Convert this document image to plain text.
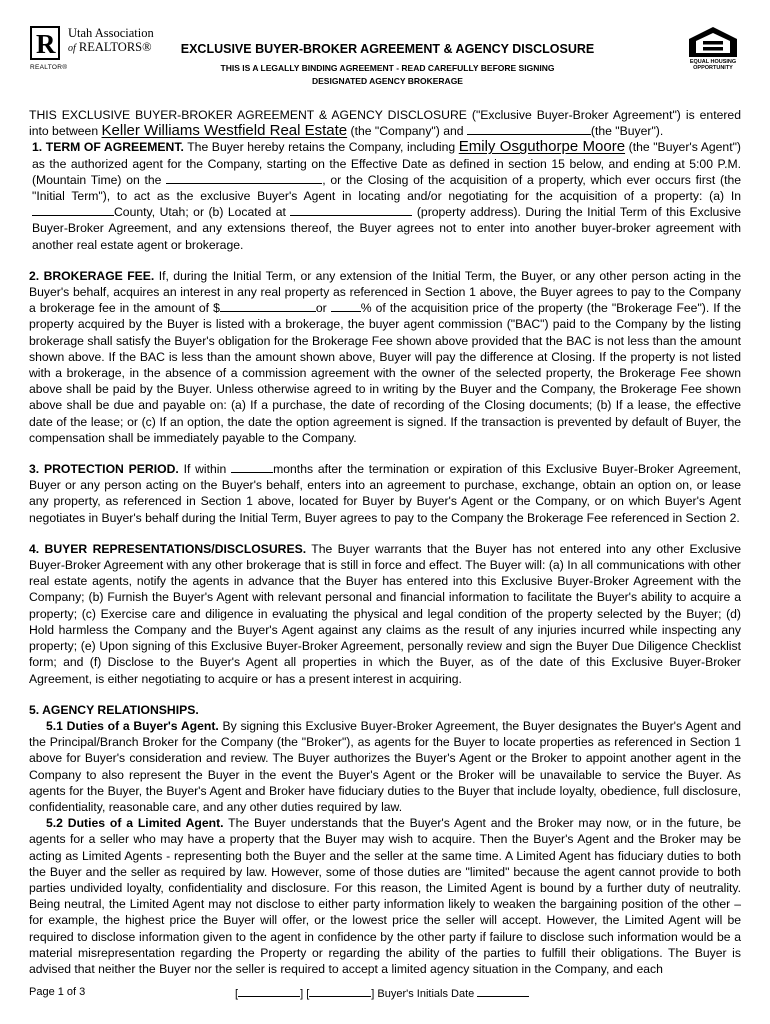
R Utah Association
of REALTORS®
REALTOR®
EQUAL HOUSING
OPPORTUNITY
EXCLUSIVE BUYER-BROKER AGREEMENT & AGENCY DISCLOSURE
THIS IS A LEGALLY BINDING AGREEMENT - READ CAREFULLY BEFORE SIGNING
DESIGNATED AGENCY BROKERAGE

THIS EXCLUSIVE BUYER-BROKER AGREEMENT & AGENCY DISCLOSURE ("Exclusive Buyer-Broker Agreement") is entered into between Keller Williams Westfield Real Estate (the "Company") and	(the "Buyer").

1. TERM OF AGREEMENT. The Buyer hereby retains the Company, including Emily Osguthorpe Moore (the "Buyer's Agent") as the authorized agent for the Company, starting on the Effective Date as defined in section 15 below, and ending at 5:00 P.M. (Mountain Time) on the	, or the Closing of the acquisition of a property, which ever occurs first (the "Initial Term"), to act as the exclusive Buyer's Agent in locating and/or negotiating for the acquisition of a property: (a) In County, Utah; or (b) Located at	(property address). During the Initial Term of this Exclusive Buyer-Broker Agreement, and any extensions thereof, the Buyer agrees not to enter into another buyer-broker agreement with another real estate agent or brokerage.

2. BROKERAGE FEE. If, during the Initial Term, or any extension of the Initial Term, the Buyer, or any other person acting in the Buyer's behalf, acquires an interest in any real property as referenced in Section 1 above, the Buyer agrees to pay to the Company a brokerage fee in the amount of $	or	% of the acquisition price of the property (the "Brokerage Fee"). If the property acquired by the Buyer is listed with a brokerage, the buyer agent commission ("BAC") paid to the Company by the listing brokerage shall satisfy the Buyer's obligation for the Brokerage Fee shown above provided that the BAC is not less than the amount shown above. If the BAC is less than the amount shown above, Buyer will pay the difference at Closing. If the property is not listed with a brokerage, in the absence of a commission agreement with the owner of the selected property, the Brokerage Fee shown above shall be paid by the Buyer. Unless otherwise agreed to in writing by the Buyer and the Company, the Brokerage Fee shown above shall be due and payable on: (a) If a purchase, the date of recording of the Closing documents; (b) If a lease, the effective date of the lease; or (c) If an option, the date the option agreement is signed. If the transaction is prevented by default of Buyer, the compensation shall be immediately payable to the Company.

3. PROTECTION PERIOD. If within	months after the termination or expiration of this Exclusive Buyer-Broker Agreement, Buyer or any person acting on the Buyer's behalf, enters into an agreement to purchase, exchange, obtain an option on, or lease any property, as referenced in Section 1 above, located for Buyer by Buyer's Agent or the Company, or on which Buyer's Agent negotiates in Buyer's behalf during the Initial Term, Buyer agrees to pay to the Company the Brokerage Fee referenced in Section 2.

4. BUYER REPRESENTATIONS/DISCLOSURES. The Buyer warrants that the Buyer has not entered into any other Exclusive Buyer-Broker Agreement with any other brokerage that is still in force and effect. The Buyer will: (a) In all communications with other real estate agents, notify the agents in advance that the Buyer has entered into this Exclusive Buyer-Broker Agreement with the Company; (b) Furnish the Buyer's Agent with relevant personal and financial information to facilitate the Buyer's ability to acquire a property; (c) Exercise care and diligence in evaluating the physical and legal condition of the property selected by the Buyer; (d) Hold harmless the Company and the Buyer's Agent against any claims as the result of any injuries incurred while inspecting any property; (e) Upon signing of this Exclusive Buyer-Broker Agreement, personally review and sign the Buyer Due Diligence Checklist form; and (f) Disclose to the Buyer's Agent all properties in which the Buyer, as of the date of this Exclusive Buyer-Broker Agreement, is either negotiating to acquire or has a present interest in acquiring.

5. AGENCY RELATIONSHIPS.

5.1 Duties of a Buyer's Agent. By signing this Exclusive Buyer-Broker Agreement, the Buyer designates the Buyer's Agent and the Principal/Branch Broker for the Company (the "Broker"), as agents for the Buyer to locate properties as referenced in Section 1 above for Buyer's consideration and review. The Buyer authorizes the Buyer's Agent or the Broker to appoint another agent in the Company to also represent the Buyer in the event the Buyer's Agent or the Broker will be unavailable to service the Buyer. As agents for the Buyer, the Buyer's Agent and Broker have fiduciary duties to the Buyer that include loyalty, obedience, full disclosure, confidentiality, reasonable care, and any other duties required by law.

5.2 Duties of a Limited Agent. The Buyer understands that the Buyer's Agent and the Broker may now, or in the future, be agents for a seller who may have a property that the Buyer may wish to acquire. Then the Buyer's Agent and the Broker may be acting as Limited Agents - representing both the Buyer and the seller at the same time. A Limited Agent has fiduciary duties to both the Buyer and the seller as required by law. However, some of those duties are "limited" because the agent cannot provide to both parties undivided loyalty, confidentiality and disclosure. For this reason, the Limited Agent is bound by a further duty of neutrality. Being neutral, the Limited Agent may not disclose to either party information likely to weaken the bargaining position of the other – for example, the highest price the Buyer will offer, or the lowest price the seller will accept. However, the Limited Agent will be required to disclose information given to the agent in confidence by the other party if failure to disclose such information would be a material misrepresentation regarding the Property or regarding the ability of the parties to fulfill their obligations. The Buyer is advised that neither the Buyer nor the seller is required to accept a limited agency situation in the Company, and each

Page 1 of 3	[	] [	] Buyer's Initials Date
